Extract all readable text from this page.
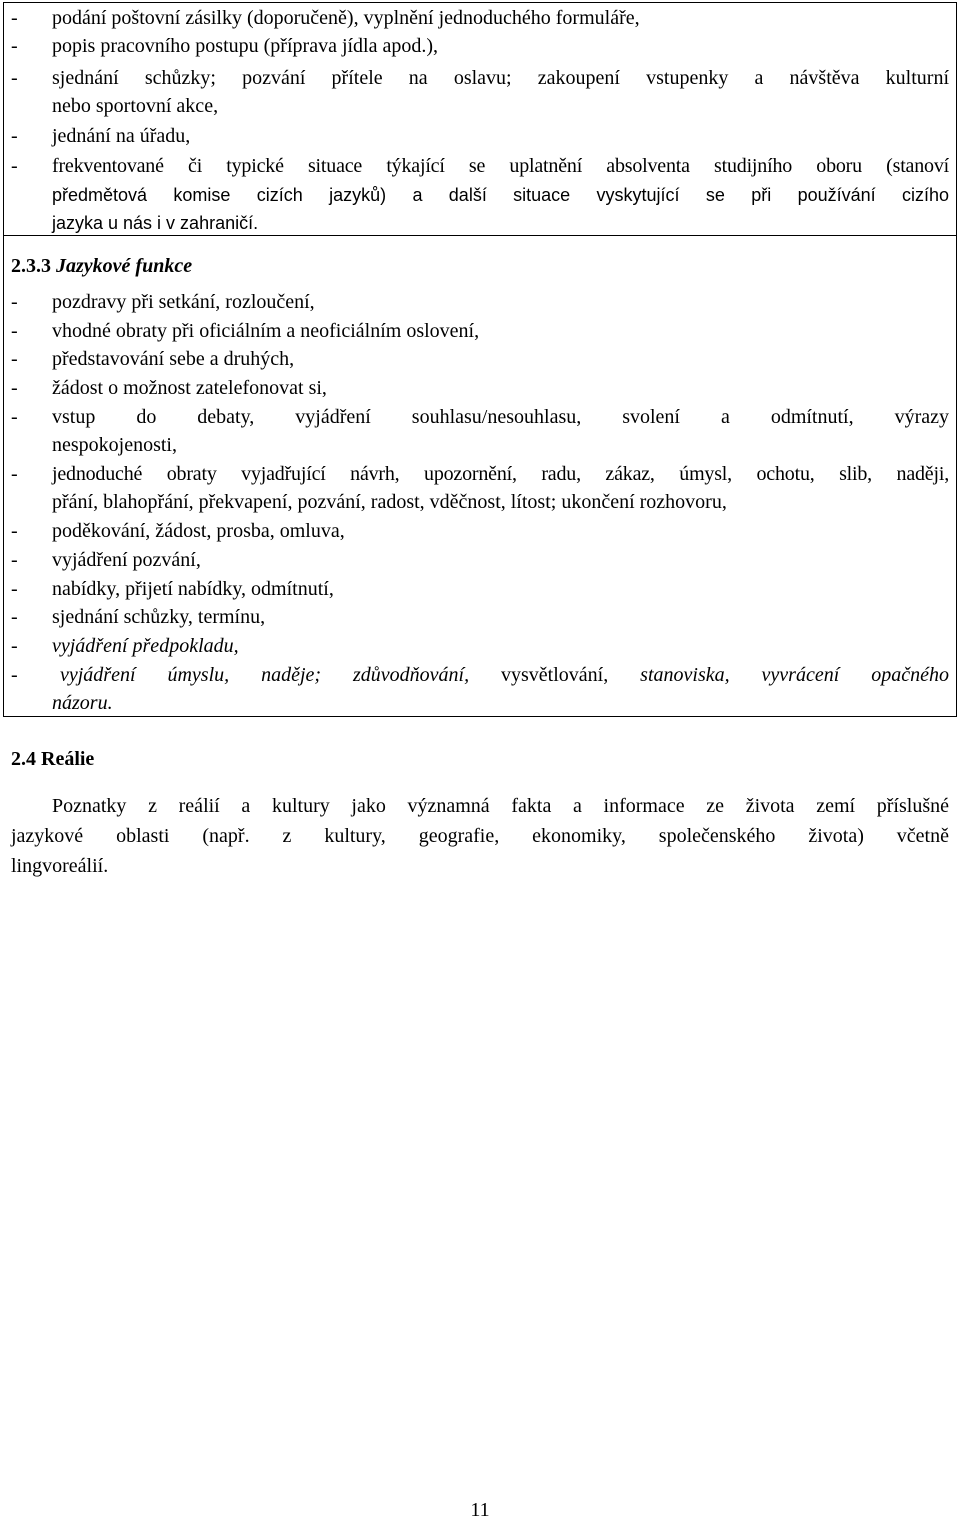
- podání poštovní zásilky (doporučeně), vyplnění jednoduchého formuláře,
- popis pracovního postupu (příprava jídla apod.),
- sjednání schůzky; pozvání přítele na oslavu; zakoupení vstupenky a návštěva kulturní
nebo sportovní akce,
- jednání na úřadu,
- frekventované či typické situace týkající se uplatnění absolventa studijního oboru (stanoví
předmětová komise cizích jazyků) a další situace vyskytující se při používání cizího
jazyka u nás i v zahraničí.
2.3.3 Jazykové funkce
- pozdravy při setkání, rozloučení,
- vhodné obraty při oficiálním a neoficiálním oslovení,
- představování sebe a druhých,
- žádost o možnost zatelefonovat si,
- vstup do debaty, vyjádření souhlasu/nesouhlasu, svolení a odmítnutí, výrazy
nespokojenosti,
- jednoduché obraty vyjadřující návrh, upozornění, radu, zákaz, úmysl, ochotu, slib, naději,
přání, blahopřání, překvapení, pozvání, radost, vděčnost, lítost; ukončení rozhovoru,
- poděkování, žádost, prosba, omluva,
- vyjádření pozvání,
- nabídky, přijetí nabídky, odmítnutí,
- sjednání schůzky, termínu,
- vyjádření předpokladu,
- vyjádření úmyslu, naděje; zdůvodňování, vysvětlování, stanoviska, vyvrácení opačného
názoru.
2.4 Reálie
Poznatky z reálií a kultury jako významná fakta a informace ze života zemí příslušné
jazykové oblasti (např. z kultury, geografie, ekonomiky, společenského života) včetně
lingvoreálií.
11
